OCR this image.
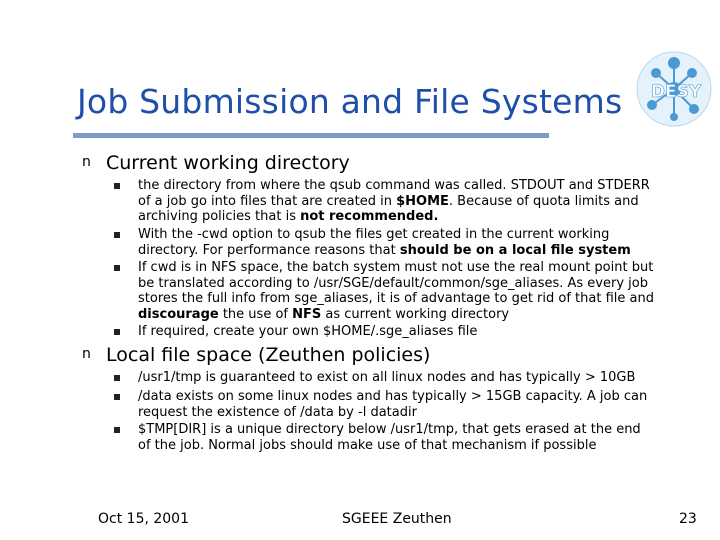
Job Submission and File Systems DESY
n Current working directory
the directory from where the qsub command was called. STDOUT and STDERR
of a job go into files that are created in $HOME. Because of quota limits and
archiving policies that is not recommended.
With the -cwd option to qsub the files get created in the current working
directory. For performance reasons that should be on a local file system
If cwd is in NFS space, the batch system must not use the real mount point but
be translated according to /usr/SGE/default/common/sge_aliases. As every job
stores the full info from sge_aliases, it is of advantage to get rid of that file and
discourage the use of NFS as current working directory
If required, create your own $HOME/.sge_aliases file
n Local file space (Zeuthen policies)
/usr1/tmp is guaranteed to exist on all linux nodes and has typically > 10GB
/data exists on some linux nodes and has typically > 15GB capacity. A job can
request the existence of /data by -l datadir
$TMP[DIR] is a unique directory below /usr1/tmp, that gets erased at the end
of the job. Normal jobs should make use of that mechanism if possible
Oct 15, 2001	SGEEE Zeuthen	23
